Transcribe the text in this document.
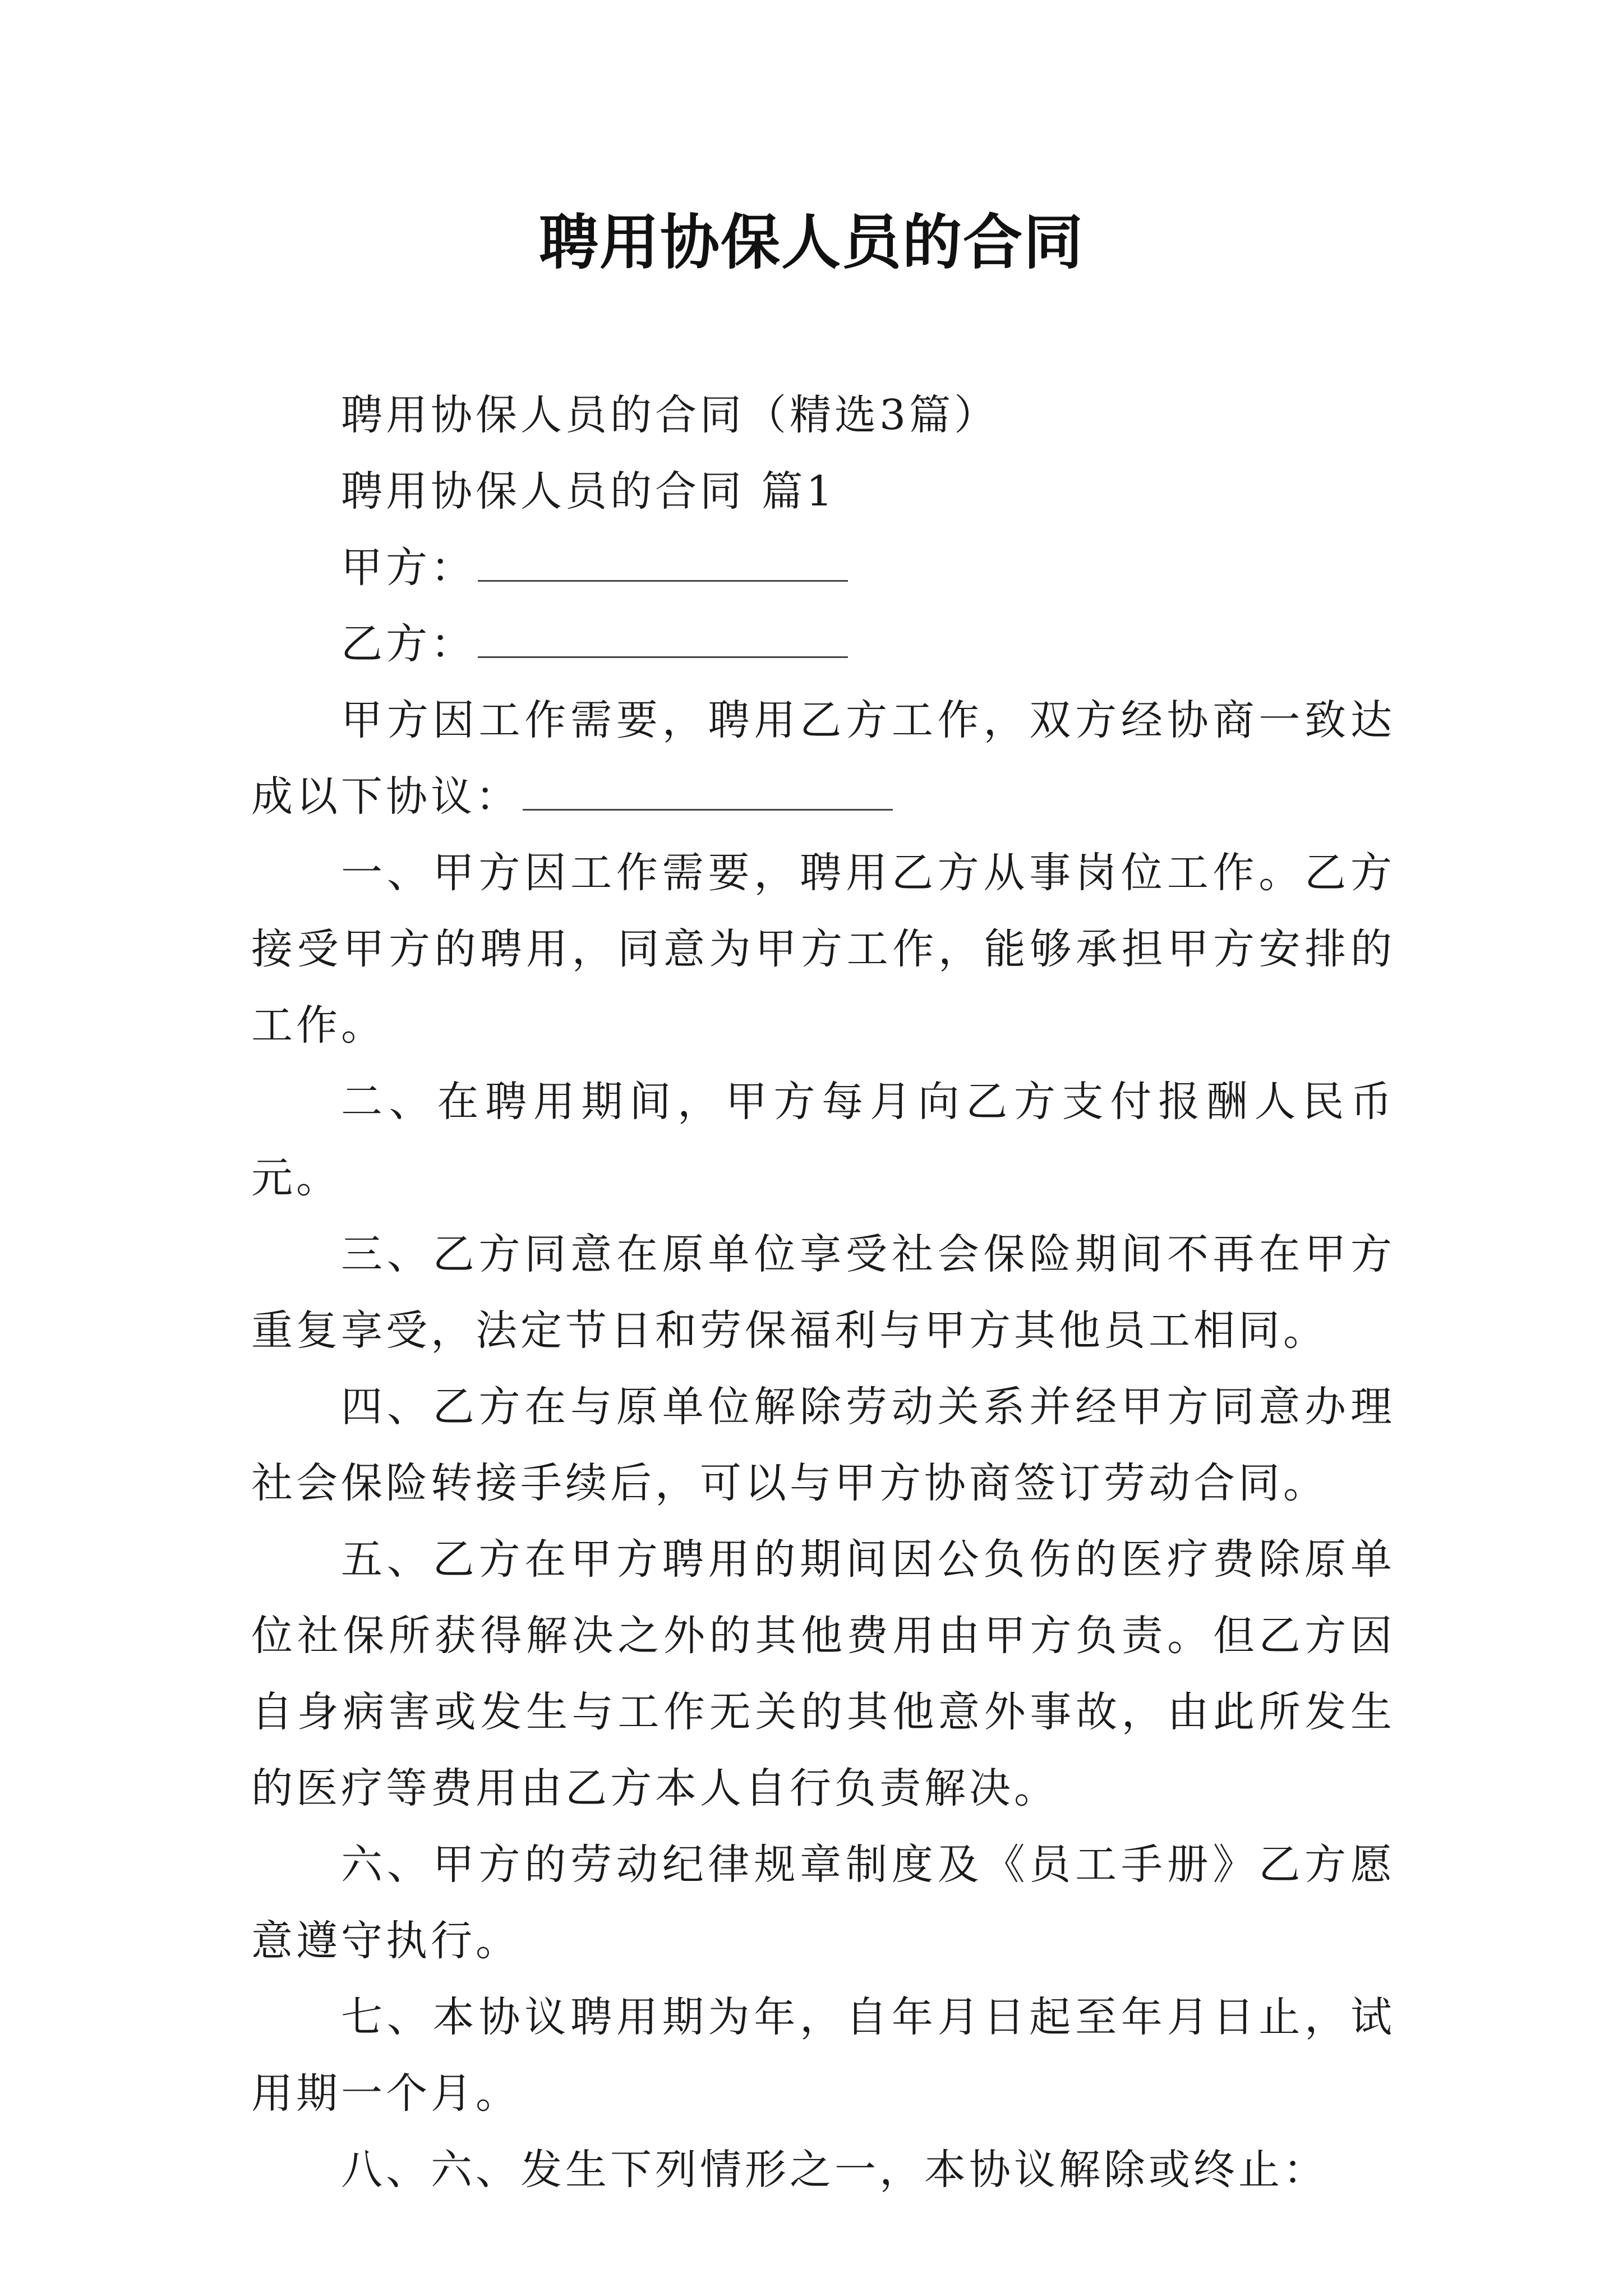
聘用协保人员的合同

聘用协保人员的合同（精选3篇）

聘用协保人员的合同 篇1

甲方：

乙方：

甲方因工作需要，聘用乙方工作，双方经协商一致达成以下协议：

一、甲方因工作需要，聘用乙方从事岗位工作。乙方接受甲方的聘用，同意为甲方工作，能够承担甲方安排的工作。

二、在聘用期间，甲方每月向乙方支付报酬人民币元。

三、乙方同意在原单位享受社会保险期间不再在甲方重复享受，法定节日和劳保福利与甲方其他员工相同。

四、乙方在与原单位解除劳动关系并经甲方同意办理社会保险转接手续后，可以与甲方协商签订劳动合同。

五、乙方在甲方聘用的期间因公负伤的医疗费除原单位社保所获得解决之外的其他费用由甲方负责。但乙方因自身病害或发生与工作无关的其他意外事故，由此所发生的医疗等费用由乙方本人自行负责解决。

六、甲方的劳动纪律规章制度及《员工手册》乙方愿意遵守执行。

七、本协议聘用期为年，自年月日起至年月日止，试用期一个月。

八、六、发生下列情形之一，本协议解除或终止：
